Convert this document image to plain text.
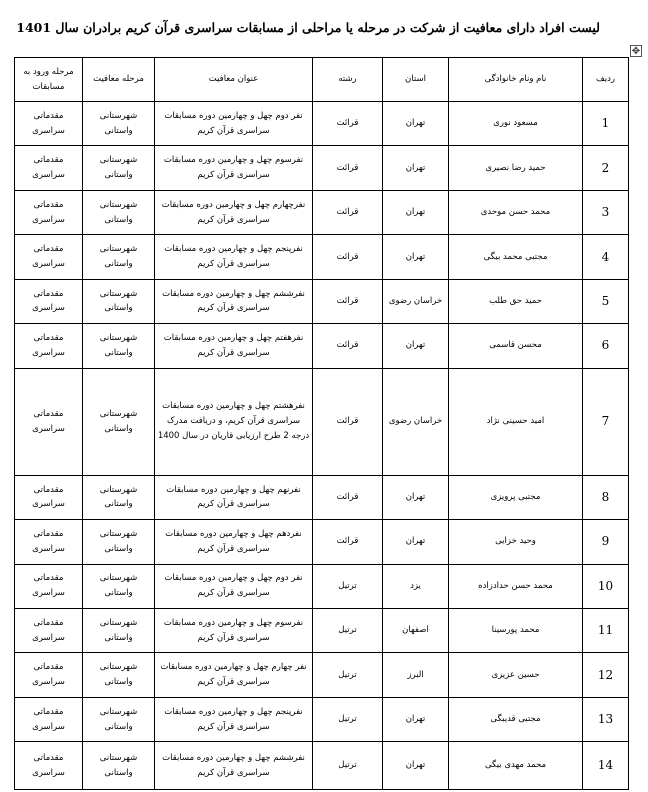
لیست افراد دارای معافیت از شرکت در مرحله یا مراحلی از مسابقات سراسری قرآن کریم برادران سال 1401
✥
ردیف	نام ونام خانوادگی	استان	رشته	عنوان معافیت	مرحله معافیت	مرحله ورود به مسابقات
1	مسعود نوری	تهران	قرائت	نفر دوم چهل و چهارمین دوره مسابقات سراسری قرآن کریم	شهرستانی واستانی	مقدماتی سراسری
2	حمید رضا نصیری	تهران	قرائت	نفرسوم چهل و چهارمین دوره مسابقات سراسری قرآن کریم	شهرستانی واستانی	مقدماتی سراسری
3	محمد حسن موحدی	تهران	قرائت	نفرچهارم چهل و چهارمین دوره مسابقات سراسری قرآن کریم	شهرستانی واستانی	مقدماتی سراسری
4	مجتبی محمد بیگی	تهران	قرائت	نفرپنجم چهل و چهارمین دوره مسابقات سراسری قرآن کریم	شهرستانی واستانی	مقدماتی سراسری
5	حمید حق طلب	خراسان رضوی	قرائت	نفرششم چهل و چهارمین دوره مسابقات سراسری قرآن کریم	شهرستانی واستانی	مقدماتی سراسری
6	محسن قاسمی	تهران	قرائت	نفرهفتم چهل و چهارمین دوره مسابقات سراسری قرآن کریم	شهرستانی واستانی	مقدماتی سراسری
7	امید حسینی نژاد	خراسان رضوی	قرائت	نفرهشتم چهل و چهارمین دوره مسابقات سراسری قرآن کریم، و دریافت مدرک درجه 2 طرح ارزیابی قاریان در سال 1400	شهرستانی واستانی	مقدماتی سراسری
8	مجتبی پرویزی	تهران	قرائت	نفرنهم چهل و چهارمین دوره مسابقات سراسری قرآن کریم	شهرستانی واستانی	مقدماتی سراسری
9	وحید خزایی	تهران	قرائت	نفردهم چهل و چهارمین دوره مسابقات سراسری قرآن کریم	شهرستانی واستانی	مقدماتی سراسری
10	محمد حسن حدادزاده	یزد	ترتیل	نفر دوم چهل و چهارمین دوره مسابقات سراسری قرآن کریم	شهرستانی واستانی	مقدماتی سراسری
11	محمد پورسینا	اصفهان	ترتیل	نفرسوم چهل و چهارمین دوره مسابقات سراسری قرآن کریم	شهرستانی واستانی	مقدماتی سراسری
12	حسین عزیزی	البرز	ترتیل	نفر چهارم چهل و چهارمین دوره مسابقات سراسری قرآن کریم	شهرستانی واستانی	مقدماتی سراسری
13	مجتبی قدیبگی	تهران	ترتیل	نفرپنجم چهل و چهارمین دوره مسابقات سراسری قرآن کریم	شهرستانی واستانی	مقدماتی سراسری
14	محمد مهدی بیگی	تهران	ترتیل	نفرششم چهل و چهارمین دوره مسابقات سراسری قرآن کریم	شهرستانی واستانی	مقدماتی سراسری
